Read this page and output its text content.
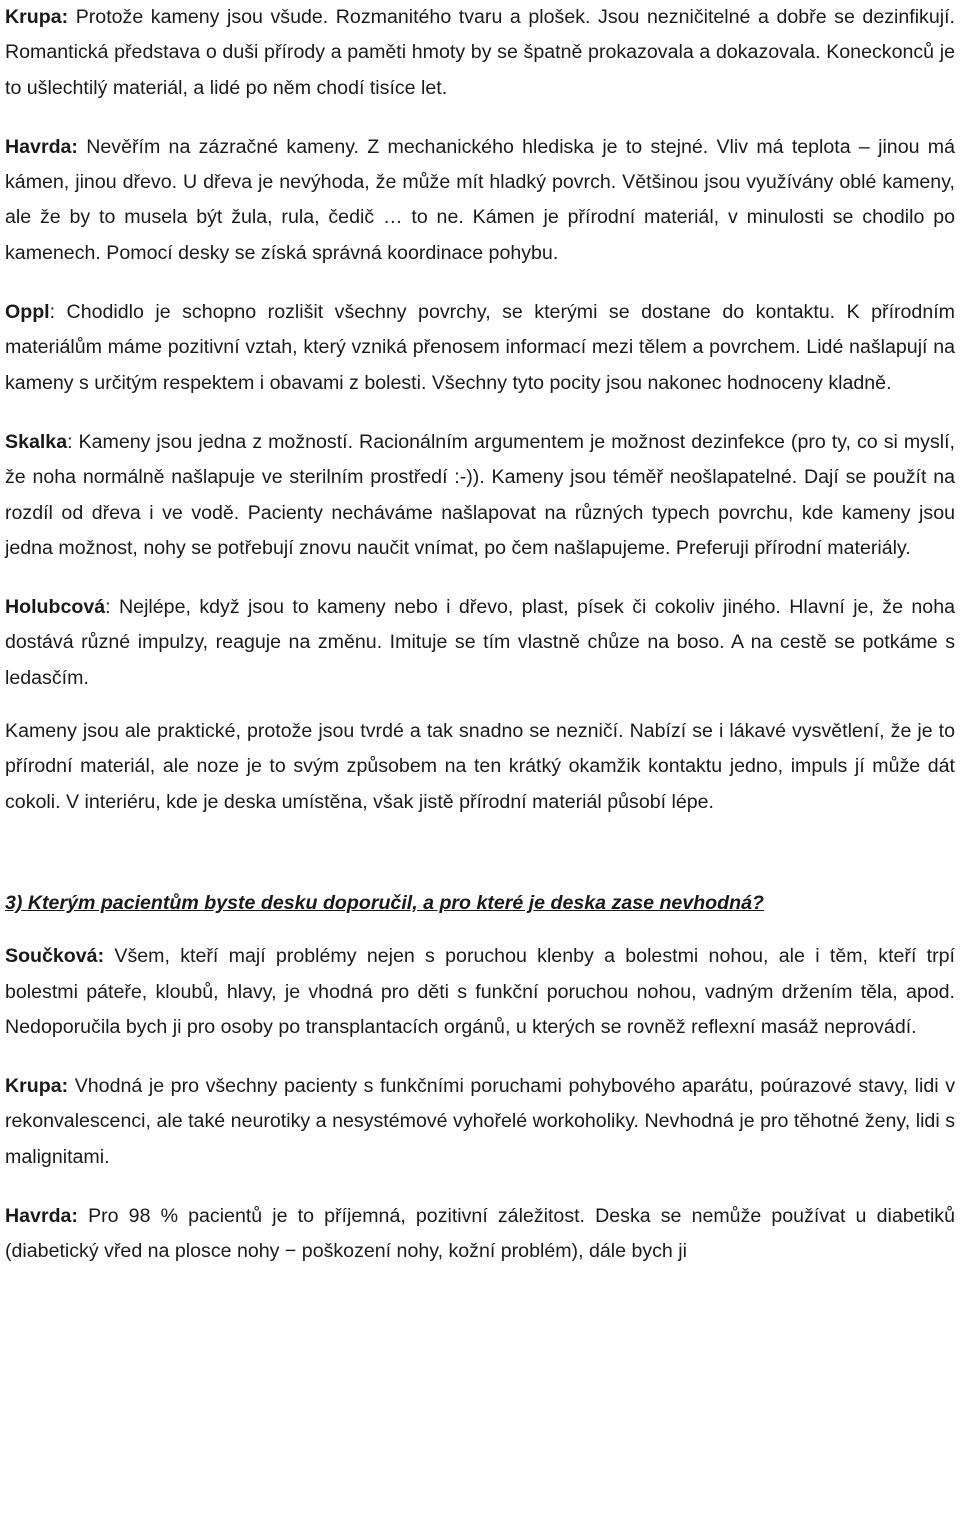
Krupa: Protože kameny jsou všude. Rozmanitého tvaru a plošek. Jsou nezničitelné a dobře se dezinfikují. Romantická představa o duši přírody a paměti hmoty by se špatně prokazovala a dokazovala. Koneckonců je to ušlechtilý materiál, a lidé po něm chodí tisíce let.

Havrda: Nevěřím na zázračné kameny. Z mechanického hlediska je to stejné. Vliv má teplota – jinou má kámen, jinou dřevo. U dřeva je nevýhoda, že může mít hladký povrch. Většinou jsou využívány oblé kameny, ale že by to musela být žula, rula, čedič … to ne. Kámen je přírodní materiál, v minulosti se chodilo po kamenech. Pomocí desky se získá správná koordinace pohybu.

Oppl: Chodidlo je schopno rozlišit všechny povrchy, se kterými se dostane do kontaktu. K přírodním materiálům máme pozitivní vztah, který vzniká přenosem informací mezi tělem a povrchem. Lidé našlapují na kameny s určitým respektem i obavami z bolesti. Všechny tyto pocity jsou nakonec hodnoceny kladně.

Skalka: Kameny jsou jedna z možností. Racionálním argumentem je možnost dezinfekce (pro ty, co si myslí, že noha normálně našlapuje ve sterilním prostředí :-)). Kameny jsou téměř neošlapatelné. Dají se použít na rozdíl od dřeva i ve vodě. Pacienty necháváme našlapovat na různých typech povrchu, kde kameny jsou jedna možnost, nohy se potřebují znovu naučit vnímat, po čem našlapujeme. Preferuji přírodní materiály.

Holubcová: Nejlépe, když jsou to kameny nebo i dřevo, plast, písek či cokoliv jiného. Hlavní je, že noha dostává různé impulzy, reaguje na změnu. Imituje se tím vlastně chůze na boso. A na cestě se potkáme s ledasčím.

Kameny jsou ale praktické, protože jsou tvrdé a tak snadno se nezničí. Nabízí se i lákavé vysvětlení, že je to přírodní materiál, ale noze je to svým způsobem na ten krátký okamžik kontaktu jedno, impuls jí může dát cokoli. V interiéru, kde je deska umístěna, však jistě přírodní materiál působí lépe.

3) Kterým pacientům byste desku doporučil, a pro které je deska zase nevhodná?

Součková: Všem, kteří mají problémy nejen s poruchou klenby a bolestmi nohou, ale i těm, kteří trpí bolestmi páteře, kloubů, hlavy, je vhodná pro děti s funkční poruchou nohou, vadným držením těla, apod. Nedoporučila bych ji pro osoby po transplantacích orgánů, u kterých se rovněž reflexní masáž neprovádí.

Krupa: Vhodná je pro všechny pacienty s funkčními poruchami pohybového aparátu, poúrazové stavy, lidi v rekonvalescenci, ale také neurotiky a nesystémové vyhořelé workoholiky. Nevhodná je pro těhotné ženy, lidi s malignitami.

Havrda: Pro 98 % pacientů je to příjemná, pozitivní záležitost. Deska se nemůže používat u diabetiků (diabetický vřed na plosce nohy − poškození nohy, kožní problém), dále bych ji
